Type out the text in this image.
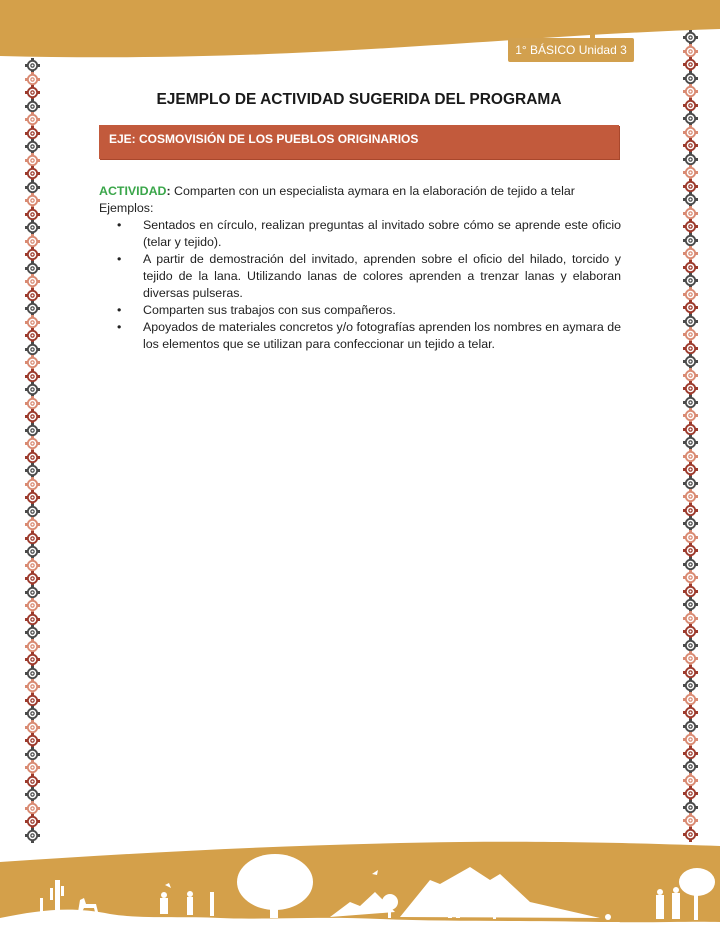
1° BÁSICO Unidad 3
EJEMPLO DE ACTIVIDAD SUGERIDA DEL PROGRAMA
EJE: COSMOVISIÓN DE LOS PUEBLOS ORIGINARIOS
ACTIVIDAD: Comparten con un especialista aymara en la elaboración de tejido a telar
Ejemplos:
• Sentados en círculo, realizan preguntas al invitado sobre cómo se aprende este oficio (telar y tejido).
• A partir de demostración del invitado, aprenden sobre el oficio del hilado, torcido y tejido de la lana. Utilizando lanas de colores aprenden a trenzar lanas y elaboran diversas pulseras.
• Comparten sus trabajos con sus compañeros.
• Apoyados de materiales concretos y/o fotografías aprenden los nombres en aymara de los elementos que se utilizan para confeccionar un tejido a telar.
